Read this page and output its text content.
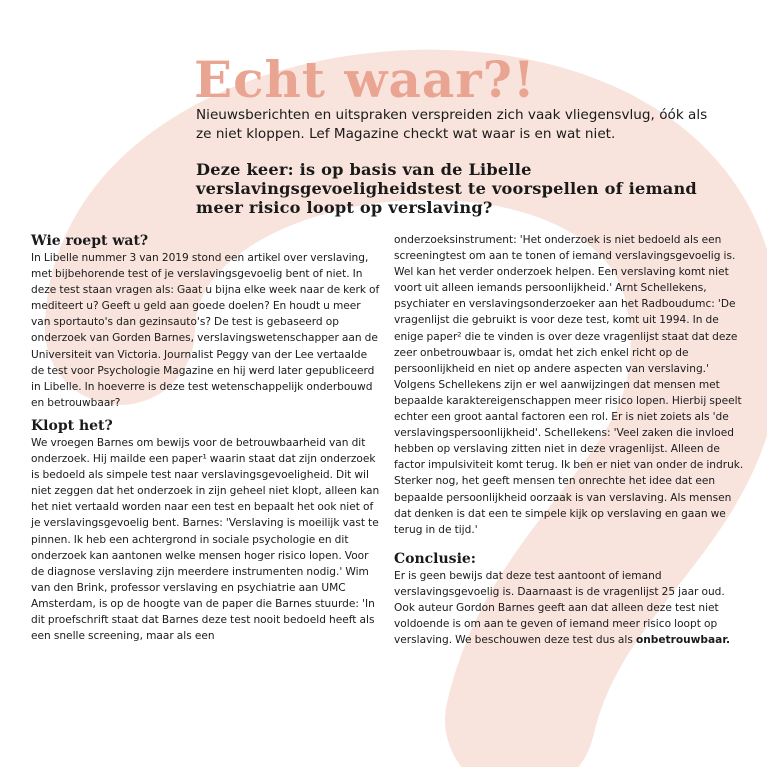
Echt waar?!

Nieuwsberichten en uitspraken verspreiden zich vaak vliegensvlug, óók als ze niet kloppen. Lef Magazine checkt wat waar is en wat niet.

Deze keer: is op basis van de Libelle verslavingsgevoeligheidstest te voorspellen of iemand meer risico loopt op verslaving?

Wie roept wat?

In Libelle nummer 3 van 2019 stond een artikel over verslaving, met bijbehorende test of je verslavingsgevoelig bent of niet. In deze test staan vragen als: Gaat u bijna elke week naar de kerk of mediteert u? Geeft u geld aan goede doelen? En houdt u meer van sportauto's dan gezinsauto's? De test is gebaseerd op onderzoek van Gorden Barnes, verslavingswetenschapper aan de Universiteit van Victoria. Journalist Peggy van der Lee vertaalde de test voor Psychologie Magazine en hij werd later gepubliceerd in Libelle. In hoeverre is deze test wetenschappelijk onderbouwd en betrouwbaar?

Klopt het?

We vroegen Barnes om bewijs voor de betrouwbaarheid van dit onderzoek. Hij mailde een paper¹ waarin staat dat zijn onderzoek is bedoeld als simpele test naar verslavingsgevoeligheid. Dit wil niet zeggen dat het onderzoek in zijn geheel niet klopt, alleen kan het niet vertaald worden naar een test en bepaalt het ook niet of je verslavingsgevoelig bent. Barnes: 'Verslaving is moeilijk vast te pinnen. Ik heb een achtergrond in sociale psychologie en dit onderzoek kan aantonen welke mensen hoger risico lopen. Voor de diagnose verslaving zijn meerdere instrumenten nodig.' Wim van den Brink, professor verslaving en psychiatrie aan UMC Amsterdam, is op de hoogte van de paper die Barnes stuurde: 'In dit proefschrift staat dat Barnes deze test nooit bedoeld heeft als een snelle screening, maar als een

onderzoeksinstrument: 'Het onderzoek is niet bedoeld als een screeningtest om aan te tonen of iemand verslavingsgevoelig is. Wel kan het verder onderzoek helpen. Een verslaving komt niet voort uit alleen iemands persoonlijkheid.' Arnt Schellekens, psychiater en verslavingsonderzoeker aan het Radboudumc: 'De vragenlijst die gebruikt is voor deze test, komt uit 1994. In de enige paper² die te vinden is over deze vragenlijst staat dat deze zeer onbetrouwbaar is, omdat het zich enkel richt op de persoonlijkheid en niet op andere aspecten van verslaving.' Volgens Schellekens zijn er wel aanwijzingen dat mensen met bepaalde karaktereigenschappen meer risico lopen. Hierbij speelt echter een groot aantal factoren een rol. Er is niet zoiets als 'de verslavingspersoonlijkheid'. Schellekens: 'Veel zaken die invloed hebben op verslaving zitten niet in deze vragenlijst. Alleen de factor impulsiviteit komt terug. Ik ben er niet van onder de indruk. Sterker nog, het geeft mensen ten onrechte het idee dat een bepaalde persoonlijkheid oorzaak is van verslaving. Als mensen dat denken is dat een te simpele kijk op verslaving en gaan we terug in de tijd.'

Conclusie:

Er is geen bewijs dat deze test aantoont of iemand verslavingsgevoelig is. Daarnaast is de vragenlijst 25 jaar oud. Ook auteur Gordon Barnes geeft aan dat alleen deze test niet voldoende is om aan te geven of iemand meer risico loopt op verslaving. We beschouwen deze test dus als onbetrouwbaar.
